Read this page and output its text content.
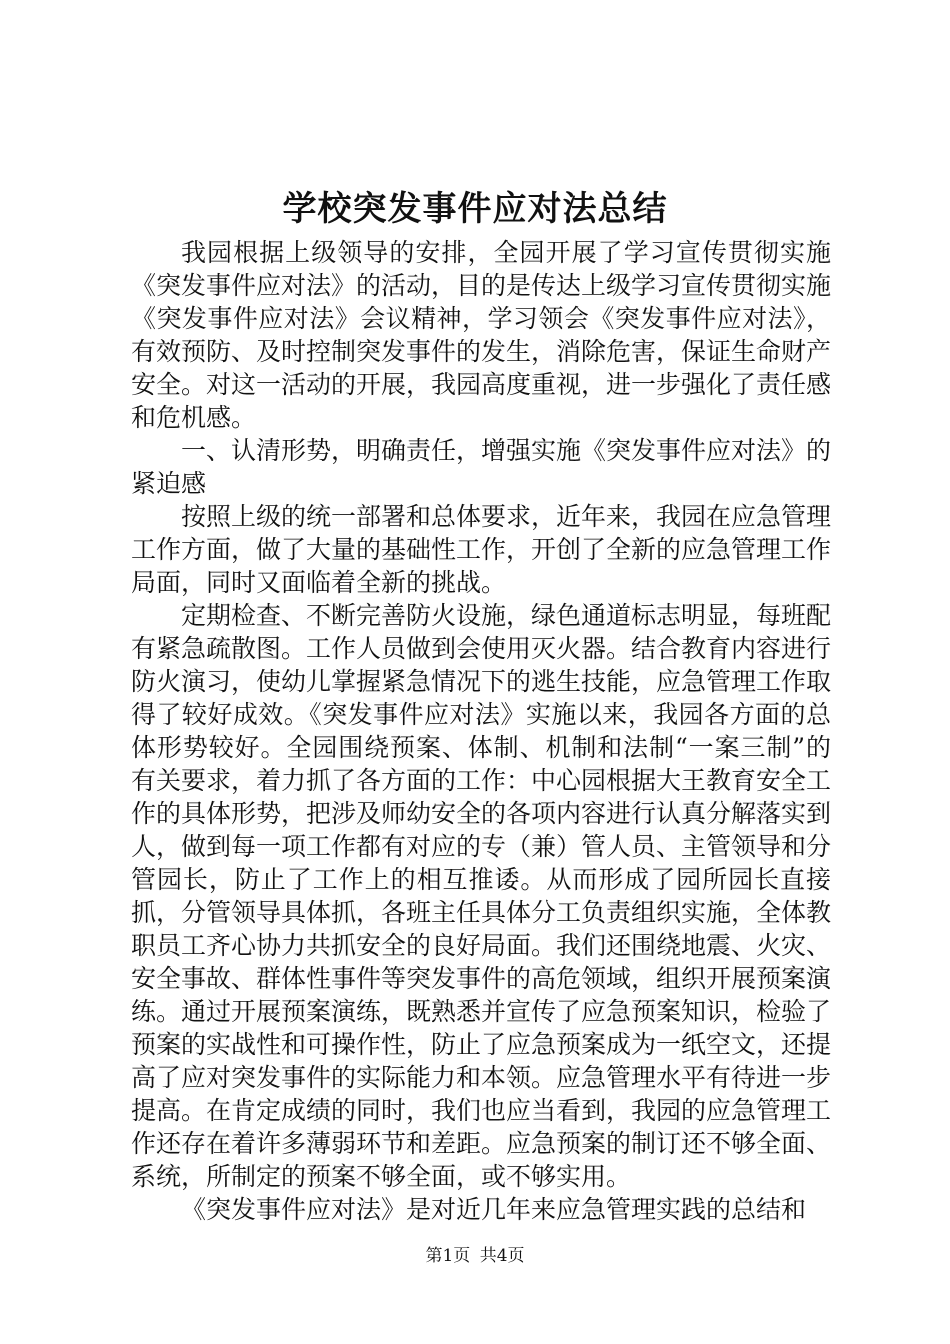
学校突发事件应对法总结

我园根据上级领导的安排，全园开展了学习宣传贯彻实施《突发事件应对法》的活动，目的是传达上级学习宣传贯彻实施《突发事件应对法》会议精神，学习领会《突发事件应对法》，有效预防、及时控制突发事件的发生，消除危害，保证生命财产安全。对这一活动的开展，我园高度重视，进一步强化了责任感和危机感。

一、认清形势，明确责任，增强实施《突发事件应对法》的紧迫感

按照上级的统一部署和总体要求，近年来，我园在应急管理工作方面，做了大量的基础性工作，开创了全新的应急管理工作局面，同时又面临着全新的挑战。

定期检查、不断完善防火设施，绿色通道标志明显，每班配有紧急疏散图。工作人员做到会使用灭火器。结合教育内容进行防火演习，使幼儿掌握紧急情况下的逃生技能，应急管理工作取得了较好成效。《突发事件应对法》实施以来，我园各方面的总体形势较好。全园围绕预案、体制、机制和法制“一案三制”的有关要求，着力抓了各方面的工作：中心园根据大王教育安全工作的具体形势，把涉及师幼安全的各项内容进行认真分解落实到人，做到每一项工作都有对应的专（兼）管人员、主管领导和分管园长，防止了工作上的相互推诿。从而形成了园所园长直接抓，分管领导具体抓，各班主任具体分工负责组织实施，全体教职员工齐心协力共抓安全的良好局面。我们还围绕地震、火灾、安全事故、群体性事件等突发事件的高危领域，组织开展预案演练。通过开展预案演练，既熟悉并宣传了应急预案知识，检验了预案的实战性和可操作性，防止了应急预案成为一纸空文，还提高了应对突发事件的实际能力和本领。应急管理水平有待进一步提高。在肯定成绩的同时，我们也应当看到，我园的应急管理工作还存在着许多薄弱环节和差距。应急预案的制订还不够全面、系统，所制定的预案不够全面，或不够实用。

《突发事件应对法》是对近几年来应急管理实践的总结和

第1页 共4页
